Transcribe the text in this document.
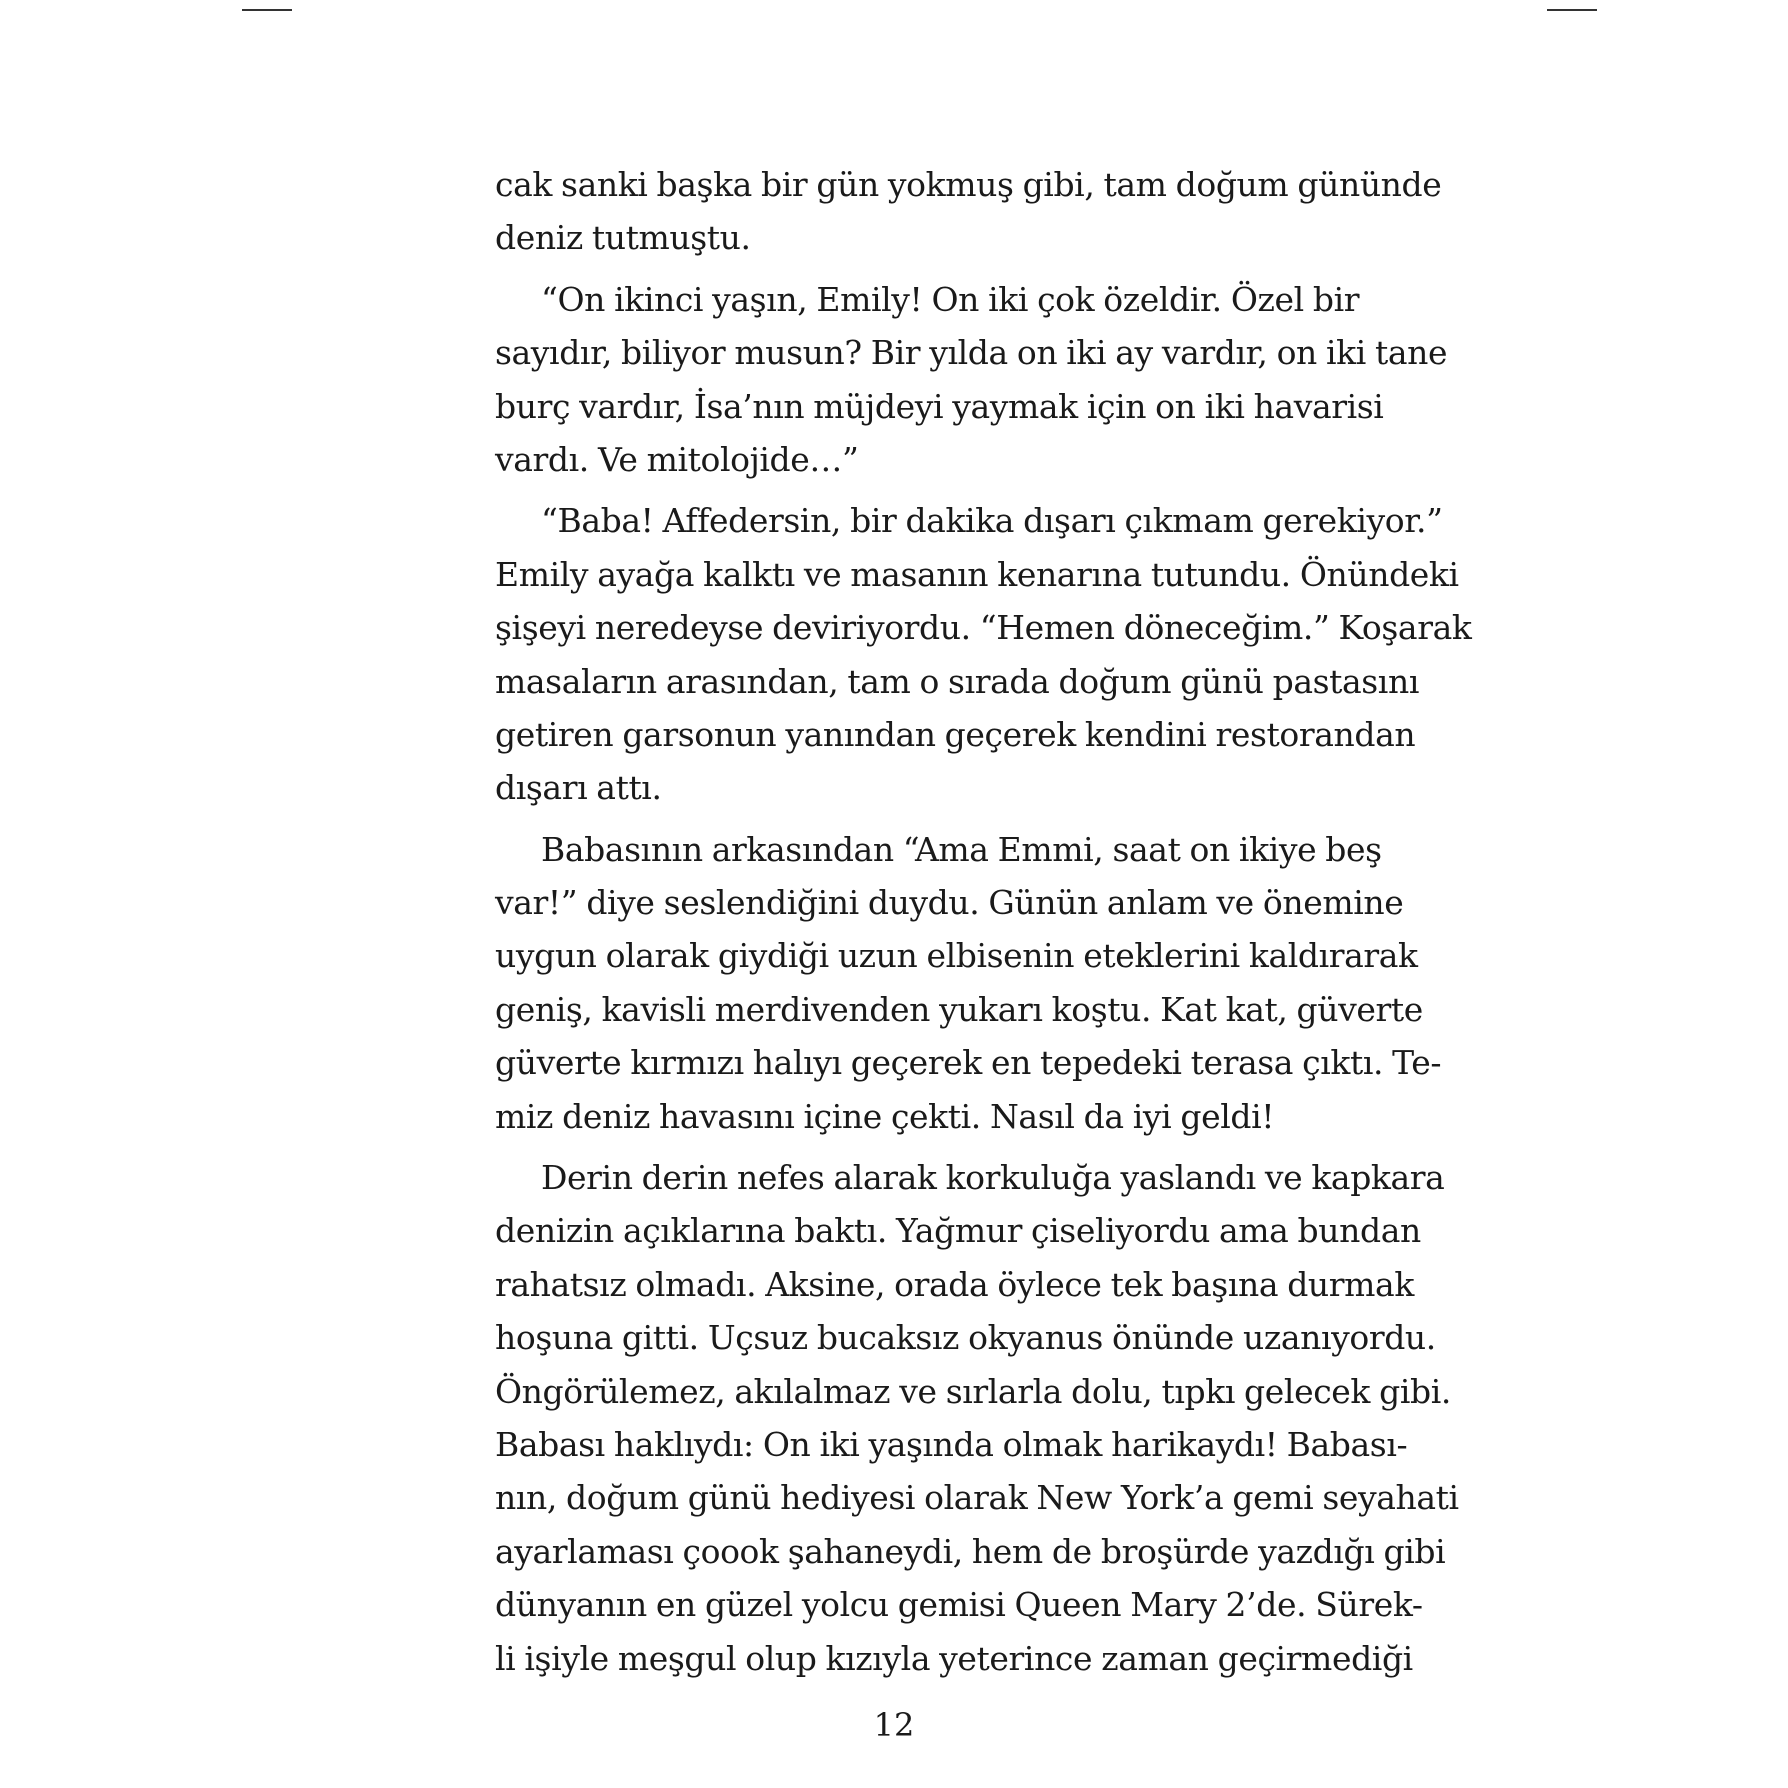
cak sanki başka bir gün yokmuş gibi, tam doğum gününde
deniz tutmuştu.
“On ikinci yaşın, Emily! On iki çok özeldir. Özel bir
sayıdır, biliyor musun? Bir yılda on iki ay vardır, on iki tane
burç vardır, İsa’nın müjdeyi yaymak için on iki havarisi
vardı. Ve mitolojide…”
“Baba! Affedersin, bir dakika dışarı çıkmam gerekiyor.”
Emily ayağa kalktı ve masanın kenarına tutundu. Önündeki
şişeyi neredeyse deviriyordu. “Hemen döneceğim.” Koşarak
masaların arasından, tam o sırada doğum günü pastasını
getiren garsonun yanından geçerek kendini restorandan
dışarı attı.
Babasının arkasından “Ama Emmi, saat on ikiye beş
var!” diye seslendiğini duydu. Günün anlam ve önemine
uygun olarak giydiği uzun elbisenin eteklerini kaldırarak
geniş, kavisli merdivenden yukarı koştu. Kat kat, güverte
güverte kırmızı halıyı geçerek en tepedeki terasa çıktı. Te-
miz deniz havasını içine çekti. Nasıl da iyi geldi!
Derin derin nefes alarak korkuluğa yaslandı ve kapkara
denizin açıklarına baktı. Yağmur çiseliyordu ama bundan
rahatsız olmadı. Aksine, orada öylece tek başına durmak
hoşuna gitti. Uçsuz bucaksız okyanus önünde uzanıyordu.
Öngörülemez, akılalmaz ve sırlarla dolu, tıpkı gelecek gibi.
Babası haklıydı: On iki yaşında olmak harikaydı! Babası-
nın, doğum günü hediyesi olarak New York’a gemi seyahati
ayarlaması çoook şahaneydi, hem de broşürde yazdığı gibi
dünyanın en güzel yolcu gemisi Queen Mary 2’de. Sürek-
li işiyle meşgul olup kızıyla yeterince zaman geçirmediği
12
